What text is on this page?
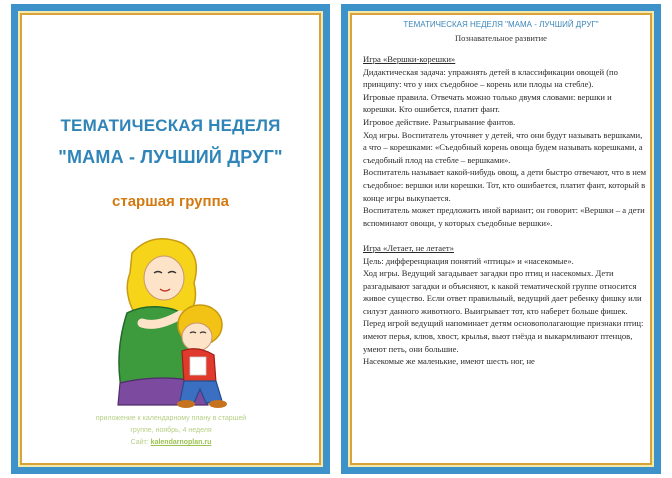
ТЕМАТИЧЕСКАЯ НЕДЕЛЯ
"МАМА - ЛУЧШИЙ ДРУГ"
старшая группа
приложение к календарному плану в старшей
группе, ноябрь, 4 неделя
Сайт: kalendarnoplan.ru
ТЕМАТИЧЕСКАЯ НЕДЕЛЯ "МАМА - ЛУЧШИЙ ДРУГ"
Познавательное развитие

Игра «Вершки-корешки»

Дидактическая задача: упражнять детей в классификации овощей (по принципу: что у них съедобное – корень или плоды на стебле).

Игровые правила. Отвечать можно только двумя словами: вершки и корешки. Кто ошибется, платит фант.

Игровое действие. Разыгрывание фантов.

Ход игры. Воспитатель уточняет у детей, что они будут называть вершками, а что – корешками: «Съедобный корень овоща будем называть корешками, а съедобный плод на стебле – вершками».

Воспитатель называет какой-нибудь овощ, а дети быстро отвечают, что в нем съедобное: вершки или корешки. Тот, кто ошибается, платит фант, который в конце игры выкупается.

Воспитатель может предложить иной вариант; он говорит: «Вершки – а дети вспоминают овощи, у которых съедобные вершки».

Игра «Летает, не летает»

Цель: дифференциация понятий «птицы» и «насекомые».

Ход игры. Ведущий загадывает загадки про птиц и насекомых. Дети разгадывают загадки и объясняют, к какой тематической группе относится живое существо. Если ответ правильный, ведущий дает ребенку фишку или силуэт данного животного. Выигрывает тот, кто наберет больше фишек. Перед игрой ведущий напоминает детям основополагающие признаки птиц: имеют перья, клюв, хвост, крылья, вьют гнёзда и выкармливают птенцов, умеют петь, они большие.

Насекомые же маленькие, имеют шесть ног, не
